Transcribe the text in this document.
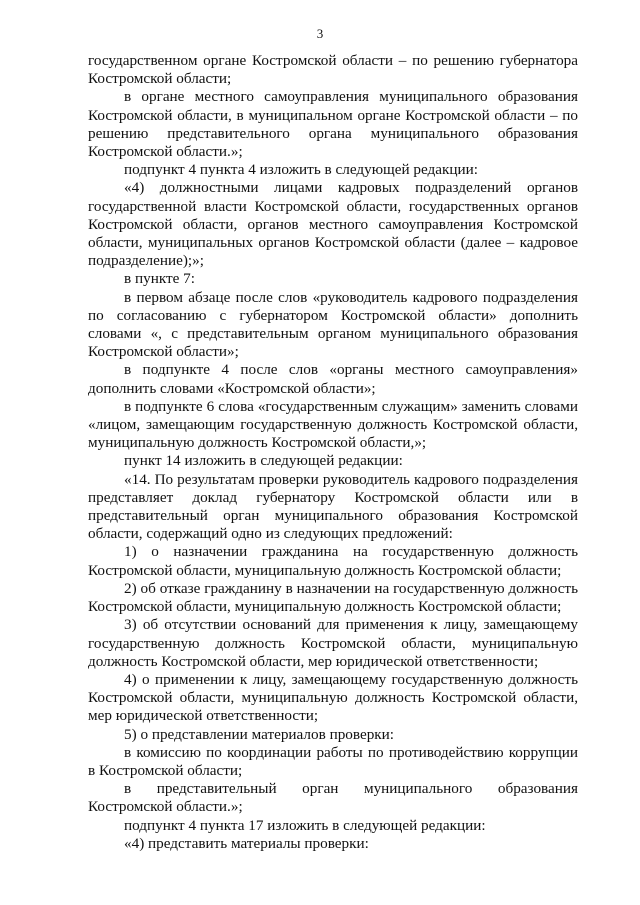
3

государственном органе Костромской области – по решению губернатора Костромской области;

в органе местного самоуправления муниципального образования Костромской области, в муниципальном органе Костромской области – по решению представительного органа муниципального образования Костромской области.»;

подпункт 4 пункта 4 изложить в следующей редакции:

«4) должностными лицами кадровых подразделений органов государственной власти Костромской области, государственных органов Костромской области, органов местного самоуправления Костромской области, муниципальных органов Костромской области (далее – кадровое подразделение);»;

в пункте 7:

в первом абзаце после слов «руководитель кадрового подразделения по согласованию с губернатором Костромской области» дополнить словами «, с представительным органом муниципального образования Костромской области»;

в подпункте 4 после слов «органы местного самоуправления» дополнить словами «Костромской области»;

в подпункте 6 слова «государственным служащим» заменить словами «лицом, замещающим государственную должность Костромской области, муниципальную должность Костромской области,»;

пункт 14 изложить в следующей редакции:

«14. По результатам проверки руководитель кадрового подразделения представляет доклад губернатору Костромской области или в представительный орган муниципального образования Костромской области, содержащий одно из следующих предложений:

1) о назначении гражданина на государственную должность Костромской области, муниципальную должность Костромской области;

2) об отказе гражданину в назначении на государственную должность Костромской области, муниципальную должность Костромской области;

3) об отсутствии оснований для применения к лицу, замещающему государственную должность Костромской области, муниципальную должность Костромской области, мер юридической ответственности;

4) о применении к лицу, замещающему государственную должность Костромской области, муниципальную должность Костромской области, мер юридической ответственности;

5) о представлении материалов проверки:

в комиссию по координации работы по противодействию коррупции в Костромской области;

в представительный орган муниципального образования Костромской области.»;

подпункт 4 пункта 17 изложить в следующей редакции:

«4) представить материалы проверки:
